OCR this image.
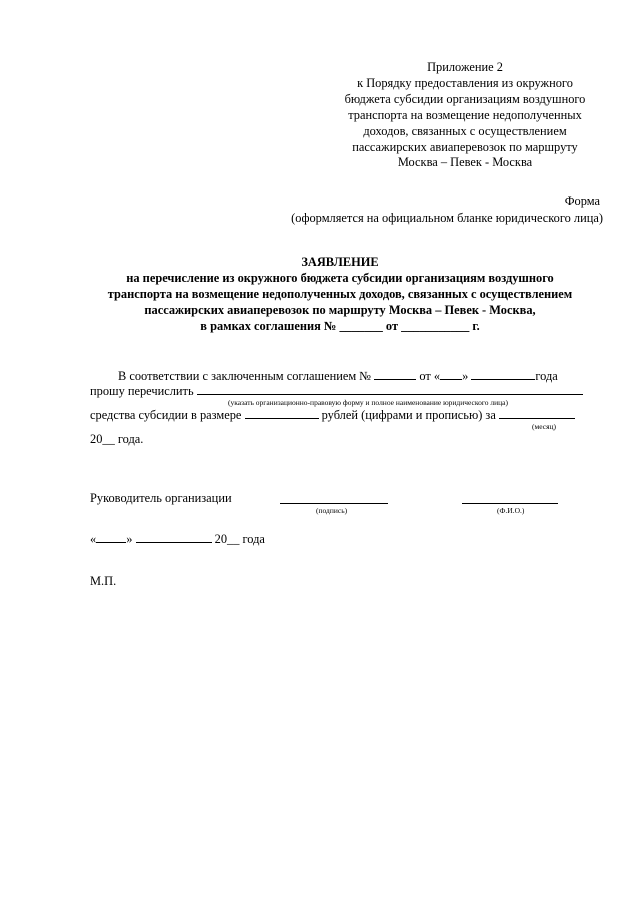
Приложение 2
к Порядку предоставления из окружного
бюджета субсидии организациям воздушного
транспорта на возмещение недополученных
доходов, связанных с осуществлением
пассажирских авиаперевозок по маршруту
Москва – Певек - Москва
Форма
(оформляется на официальном бланке юридического лица)
ЗАЯВЛЕНИЕ
на перечисление из окружного бюджета субсидии организациям воздушного
транспорта на возмещение недополученных доходов, связанных с осуществлением
пассажирских авиаперевозок по маршруту Москва – Певек - Москва,
в рамках соглашения № _______ от ___________ г.
В соответствии с заключенным соглашением №	от « »	года
прошу перечислить
(указать организационно-правовую форму и полное наименование юридического лица)
средства субсидии в размере	рублей (цифрами и прописью) за
(месяц)
20__ года.
Руководитель организации
(подпись)	(Ф.И.О.)
« »	20__ года
М.П.
